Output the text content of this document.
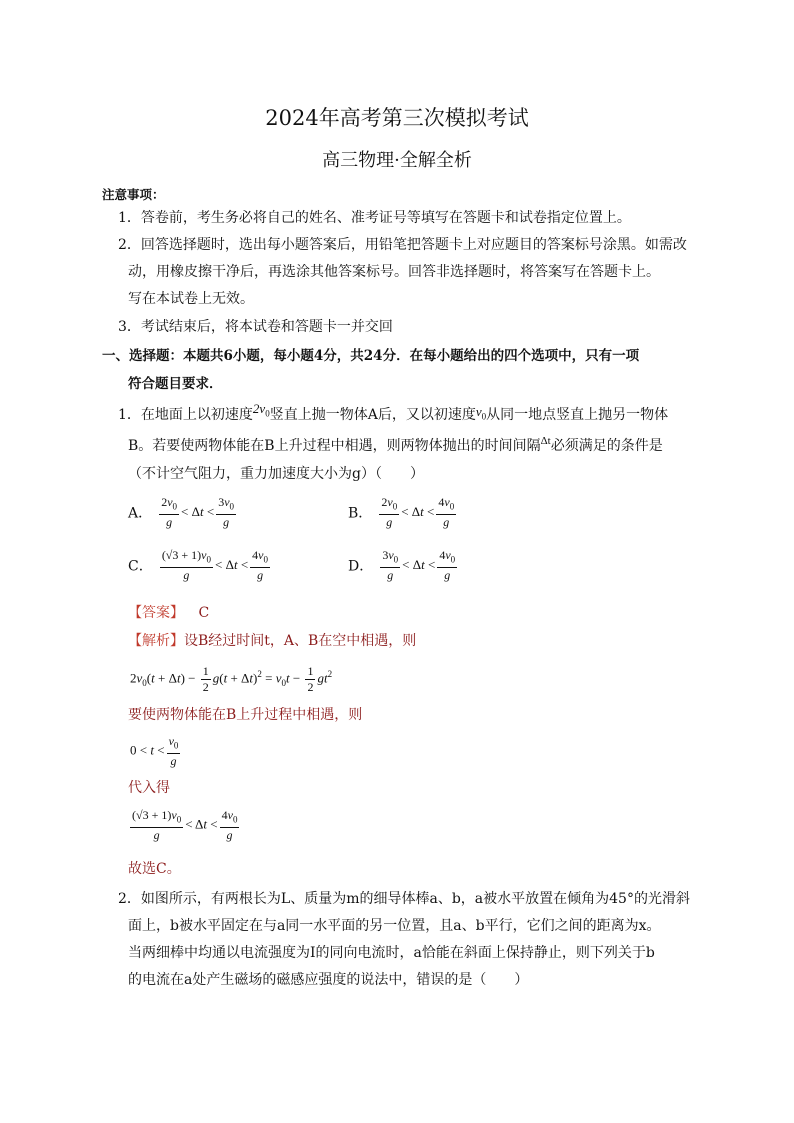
2024年高考第三次模拟考试
高三物理·全解全析
注意事项：
1．答卷前，考生务必将自己的姓名、准考证号等填写在答题卡和试卷指定位置上。
2．回答选择题时，选出每小题答案后，用铅笔把答题卡上对应题目的答案标号涂黑。如需改
动，用橡皮擦干净后，再选涂其他答案标号。回答非选择题时，将答案写在答题卡上。
写在本试卷上无效。
3．考试结束后，将本试卷和答题卡一并交回
一、选择题：本题共6小题，每小题4分，共24分．在每小题给出的四个选项中，只有一项
符合题目要求．
1．在地面上以初速度$2v_0$竖直上抛一物体A后，又以初速度$v_0$从同一地点竖直上抛另一物体
B。若要使两物体能在B上升过程中相遇，则两物体抛出的时间间隔$^{\Delta t}$必须满足的条件是
（不计空气阻力，重力加速度大小为g）（　　）
A． $\frac{2v_0}{g} < \Delta t < \frac{3v_0}{g}$	B． $\frac{2v_0}{g} < \Delta t < \frac{4v_0}{g}$
C． $\frac{(√3 + 1)v_0}{g} < \Delta t < \frac{4v_0}{g}$	D． $\frac{3v_0}{g} < \Delta t < \frac{4v_0}{g}$
【答案】 C
【解析】设B经过时间t，A、B在空中相遇，则
$2v_0(t + \Delta t) - \frac{1}{2} g(t + \Delta t)^2 = v_0t - \frac{1}{2} gt^2$
要使两物体能在B上升过程中相遇，则
$0 < t < \frac{v_0}{g}$
代入得
$\frac{(√3 + 1)v_0}{g} < \Delta t < \frac{4v_0}{g}$
故选C。
2．如图所示，有两根长为L、质量为m的细导体棒a、b，a被水平放置在倾角为45°的光滑斜
面上，b被水平固定在与a同一水平面的另一位置，且a、b平行，它们之间的距离为x。
当两细棒中均通以电流强度为I的同向电流时，a恰能在斜面上保持静止，则下列关于b
的电流在a处产生磁场的磁感应强度的说法中，错误的是（　　）
